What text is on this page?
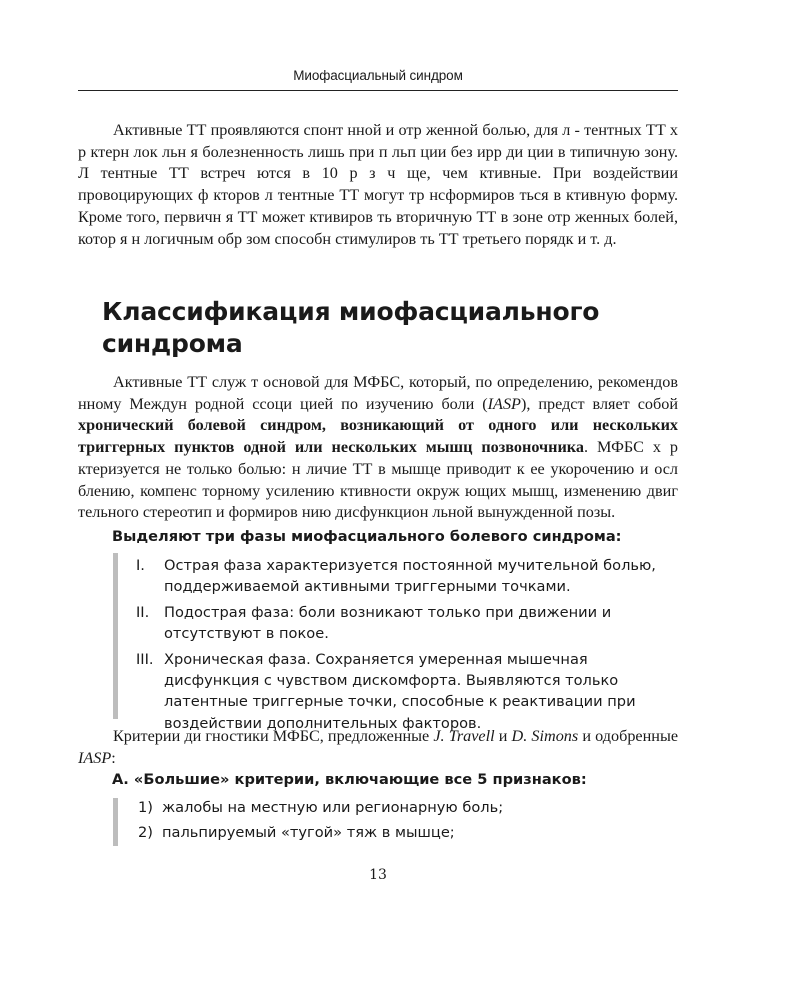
Миофасциальный синдром

Активные ТТ проявляются спонт нной и отр женной болью, для л - тентных ТТ х р ктерн лок льн я болезненность лишь при п льп ции без ирр ди ции в типичную зону. Л тентные ТТ встреч ются в 10 р з ч ще, чем ктивные. При воздействии провоцирующих ф кторов л тентные ТТ могут тр нсформиров ться в ктивную форму. Кроме того, первичн я ТТ может ктивиров ть вторичную ТТ в зоне отр женных болей, котор я н логичным обр зом способн стимулиров ть ТТ третьего порядк и т. д.

Классификация миофасциального синдрома

Активные ТТ служ т основой для МФБС, который, по определению, рекомендов нному Междун родной ссоци цией по изучению боли (IASP), предст вляет собой хронический болевой синдром, возникающий от одного или нескольких триггерных пунктов одной или нескольких мышц позвоночника. МФБС х р ктеризуется не только болью: н личие ТТ в мышце приводит к ее укорочению и осл блению, компенс торному усилению ктивности окруж ющих мышц, изменению двиг тельного стереотип и формиров нию дисфункцион льной вынужденной позы.

Выделяют три фазы миофасциального болевого синдрома:
I. Острая фаза характеризуется постоянной мучительной болью, поддерживаемой активными триггерными точками.
II. Подострая фаза: боли возникают только при движении и отсутствуют в покое.
III. Хроническая фаза. Сохраняется умеренная мышечная дисфункция с чувством дискомфорта. Выявляются только латентные триггерные точки, способные к реактивации при воздействии дополнительных факторов.

Критерии ди гностики МФБС, предложенные J. Travell и D. Simons и одобренные IASP:

А. «Большие» критерии, включающие все 5 признаков:
1) жалобы на местную или регионарную боль;
2) пальпируемый «тугой» тяж в мышце;
13
